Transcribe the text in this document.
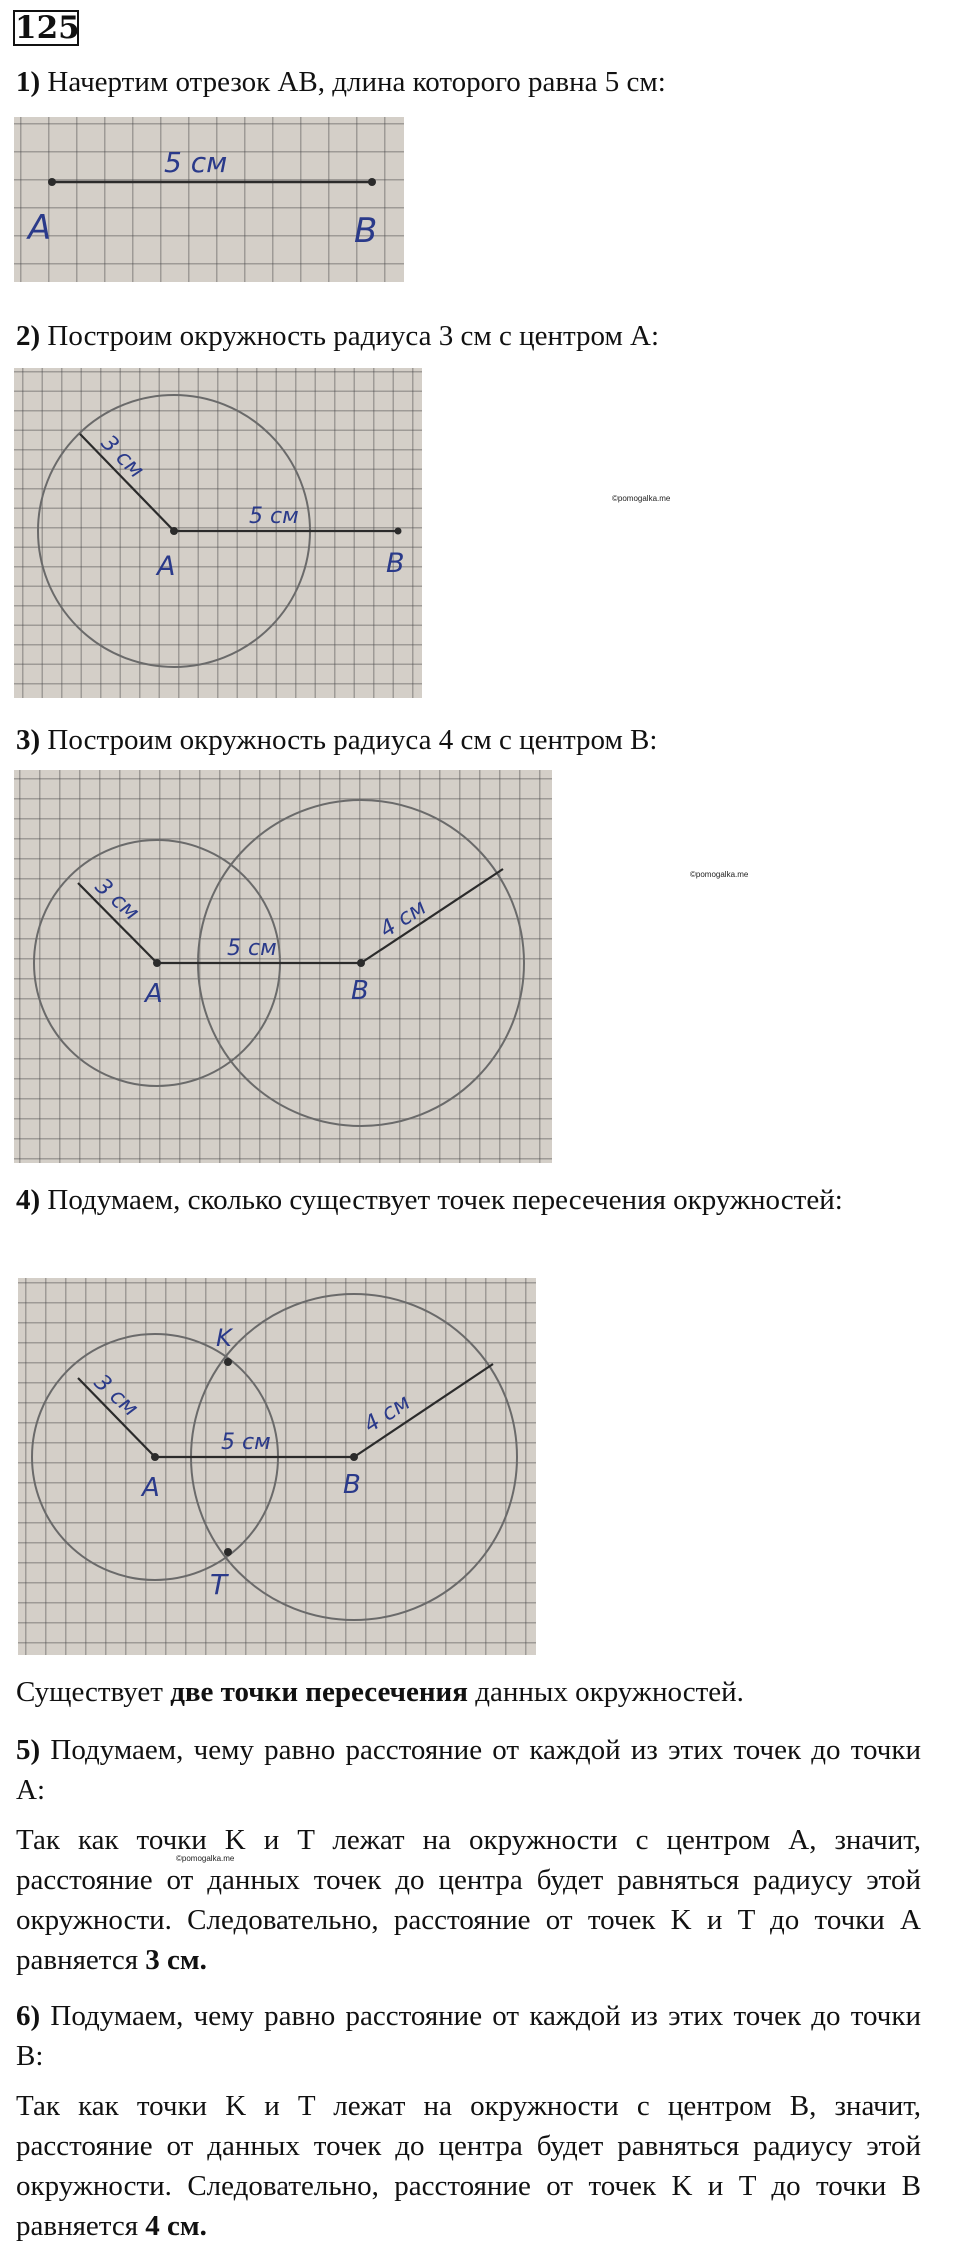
125
1) Начертим отрезок AB, длина которого равна 5 см:
5 см
A	B
2) Построим окружность радиуса 3 см с центром A:
5 см
3 см
A	B
©pomogalka.me
3) Построим окружность радиуса 4 см с центром B:
5 см
3 см	4 см
A	B
©pomogalka.me
4) Подумаем, сколько существует точек пересечения окружностей:
K
T
5 см
3 см	4 см
A	B
Существует две точки пересечения данных окружностей.
5) Подумаем, чему равно расстояние от каждой из этих точек до точки A:
Так как точки K и T лежат на окружности с центром A, значит, расстояние от данных точек до центра будет равняться радиусу этой окружности. Следовательно, расстояние от точек K и T до точки A равняется 3 см.
©pomogalka.me
6) Подумаем, чему равно расстояние от каждой из этих точек до точки B:
Так как точки K и T лежат на окружности с центром B, значит, расстояние от данных точек до центра будет равняться радиусу этой окружности. Следовательно, расстояние от точек K и T до точки B равняется 4 см.
